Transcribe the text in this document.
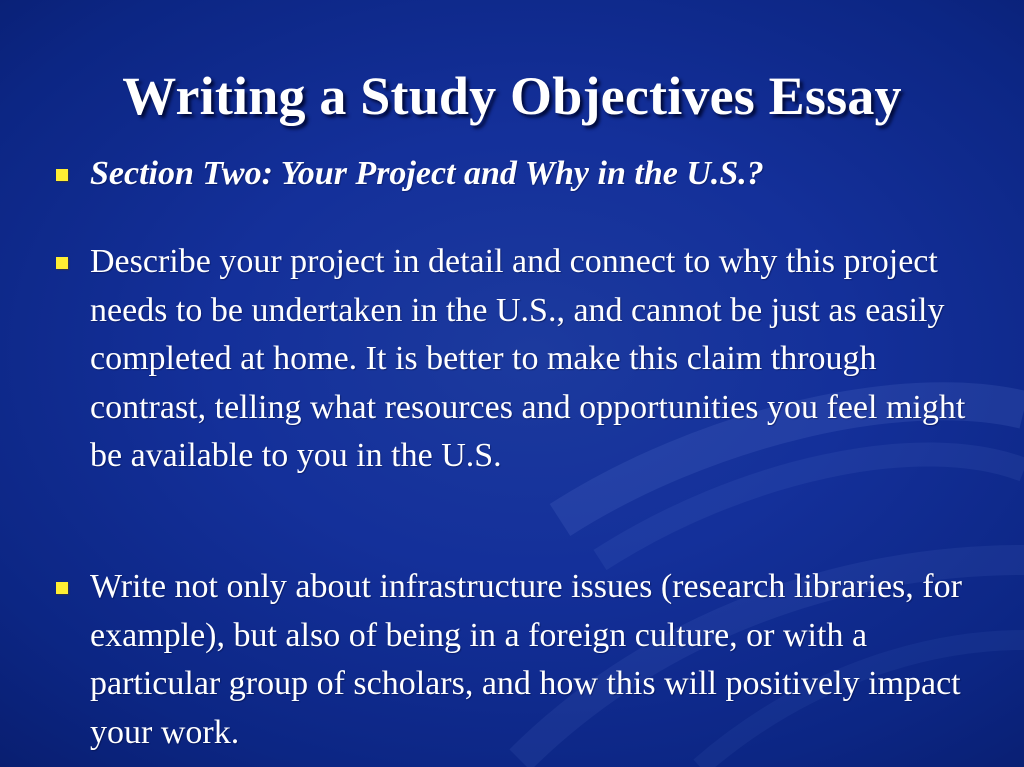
Writing a Study Objectives Essay
Section Two: Your Project and Why in the U.S.?
Describe your project in detail and connect to why this project needs to be undertaken in the U.S., and cannot be just as easily completed at home. It is better to make this claim through contrast, telling what resources and opportunities you feel might be available to you in the U.S.
Write not only about infrastructure issues (research libraries, for example), but also of being in a foreign culture, or with a particular group of scholars, and how this will positively impact your work.
